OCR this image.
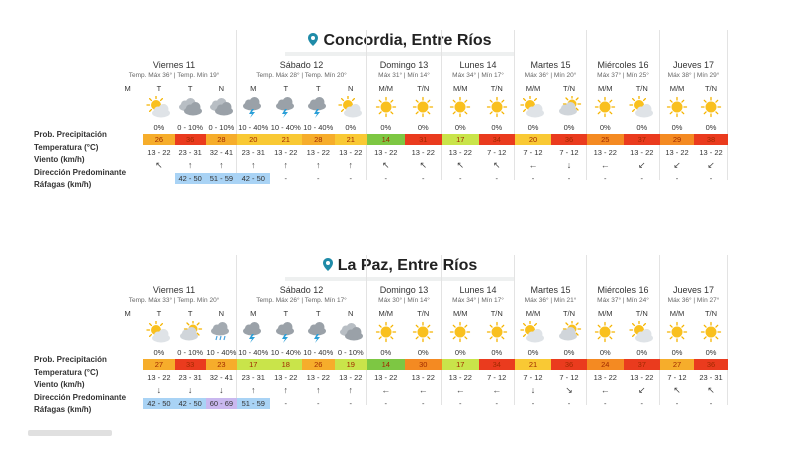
Concordia, Entre Ríos
Prob. Precipitación
Temperatura (°C)
Viento (km/h)
Dirección Predominante
Ráfagas (km/h)
Viernes 11
Temp. Máx 36° | Temp. Mín 19°
M	T
0%
26
13 - 22
↖
T
0 - 10%
36
23 - 31
↑
42 - 50
N
0 - 10%
28
32 - 41
↑
51 - 59
Sábado 12
Temp. Máx 28° | Temp. Mín 20°
M
10 - 40%
20
23 - 31
↑
42 - 50
T
10 - 40%
21
13 - 22
↑
-
T
10 - 40%
28
13 - 22
↑
-
N
0%
21
13 - 22
↑
-
Domingo 13
Máx 31° | Mín 14°
M/M
0%
14
13 - 22
↖
-
T/N
0%
31
13 - 22
↖
-
Lunes 14
Máx 34° | Mín 17°
M/M
0%
17
13 - 22
↖
-
T/N
0%
34
7 - 12
↖
-
Martes 15
Máx 36° | Mín 20°
M/M
0%
20
7 - 12
←
-
T/N
0%
36
7 - 12
↓
-
Miércoles 16
Máx 37° | Mín 25°
M/M
0%
25
13 - 22
←
-
T/N
0%
37
13 - 22
↙
-
Jueves 17
Máx 38° | Mín 29°
M/M
0%
29
13 - 22
↙
-
T/N
0%
38
13 - 22
↙
-
La Paz, Entre Ríos
Prob. Precipitación
Temperatura (°C)
Viento (km/h)
Dirección Predominante
Ráfagas (km/h)
Viernes 11
Temp. Máx 33° | Temp. Mín 20°
M	T
0%
27
13 - 22
↓
42 - 50
T
0 - 10%
33
23 - 31
↓
42 - 50
N
10 - 40%
23
32 - 41
↓
60 - 69
Sábado 12
Temp. Máx 26° | Temp. Mín 17°
M
10 - 40%
17
23 - 31
↑
51 - 59
T
10 - 40%
18
13 - 22
↑
-
T
10 - 40%
26
13 - 22
↑
-
N
0 - 10%
19
13 - 22
↑
-
Domingo 13
Máx 30° | Mín 14°
M/M
0%
14
13 - 22
←
-
T/N
0%
30
13 - 22
←
-
Lunes 14
Máx 34° | Mín 17°
M/M
0%
17
13 - 22
←
-
T/N
0%
34
7 - 12
←
-
Martes 15
Máx 36° | Mín 21°
M/M
0%
21
7 - 12
↓
-
T/N
0%
36
7 - 12
↘
-
Miércoles 16
Máx 37° | Mín 24°
M/M
0%
24
13 - 22
←
-
T/N
0%
37
13 - 22
↙
-
Jueves 17
Máx 36° | Mín 27°
M/M
0%
27
7 - 12
↖
-
T/N
0%
36
23 - 31
↖
-
